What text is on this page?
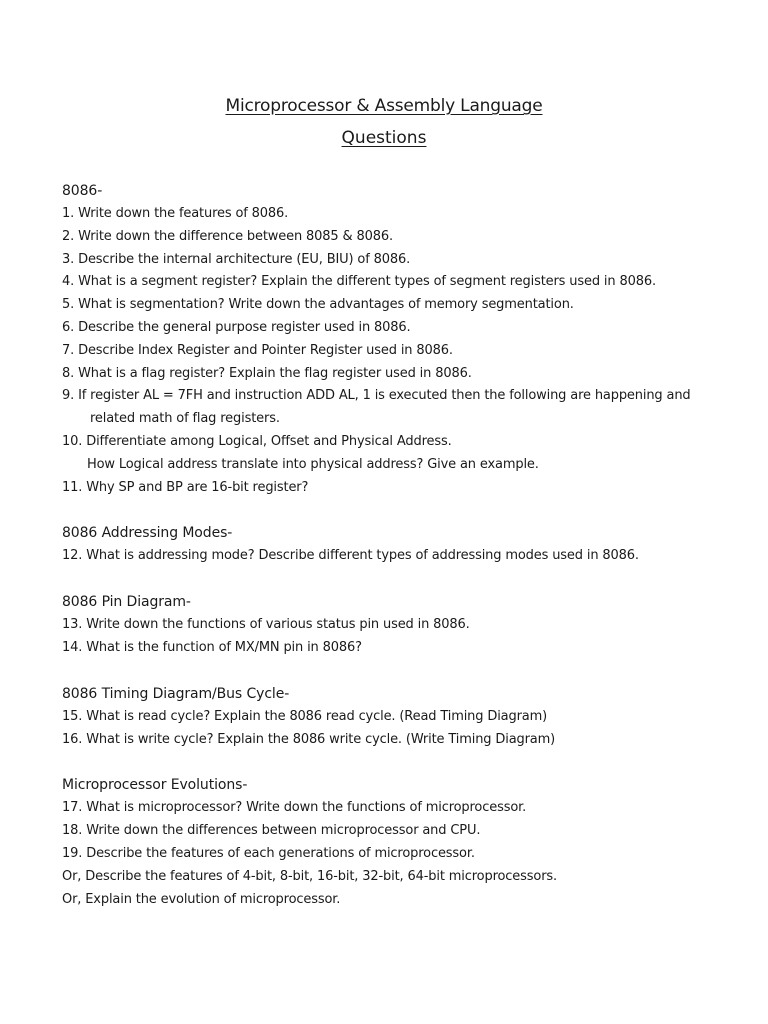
Microprocessor & Assembly Language
Questions
8086-
1. Write down the features of 8086.
2. Write down the difference between 8085 & 8086.
3. Describe the internal architecture (EU, BIU) of 8086.
4. What is a segment register? Explain the different types of segment registers used in 8086.
5. What is segmentation? Write down the advantages of memory segmentation.
6. Describe the general purpose register used in 8086.
7. Describe Index Register and Pointer Register used in 8086.
8. What is a flag register? Explain the flag register used in 8086.
9. If register AL = 7FH and instruction ADD AL, 1 is executed then the following are happening and
related math of flag registers.
10. Differentiate among Logical, Offset and Physical Address.
How Logical address translate into physical address? Give an example.
11. Why SP and BP are 16-bit register?
8086 Addressing Modes-
12. What is addressing mode? Describe different types of addressing modes used in 8086.
8086 Pin Diagram-
13. Write down the functions of various status pin used in 8086.
14. What is the function of MX/MN pin in 8086?
8086 Timing Diagram/Bus Cycle-
15. What is read cycle? Explain the 8086 read cycle. (Read Timing Diagram)
16. What is write cycle? Explain the 8086 write cycle. (Write Timing Diagram)
Microprocessor Evolutions-
17. What is microprocessor? Write down the functions of microprocessor.
18. Write down the differences between microprocessor and CPU.
19. Describe the features of each generations of microprocessor.
Or, Describe the features of 4-bit, 8-bit, 16-bit, 32-bit, 64-bit microprocessors.
Or, Explain the evolution of microprocessor.
